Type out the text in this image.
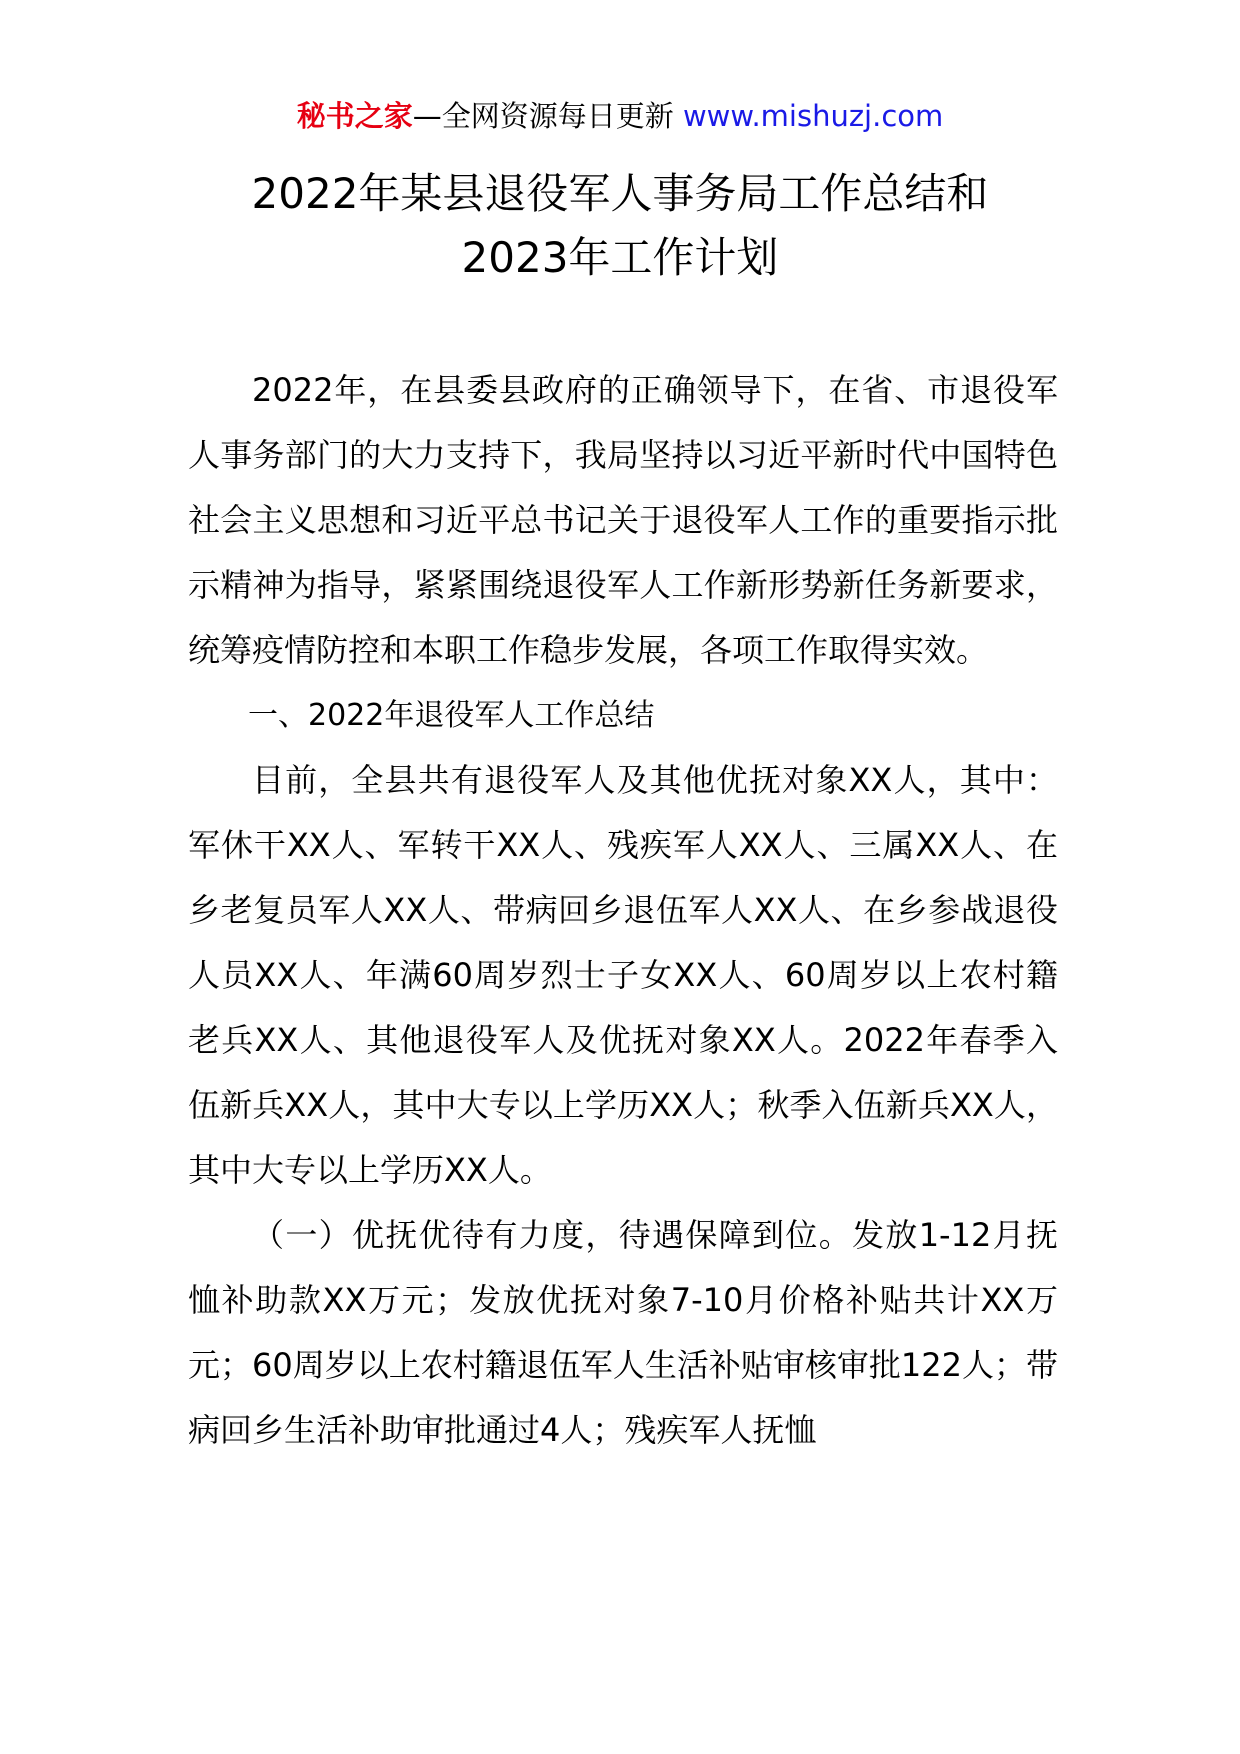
秘书之家—全网资源每日更新 www.mishuzj.com
2022年某县退役军人事务局工作总结和
2023年工作计划

2022年，在县委县政府的正确领导下，在省、市退役军人事务部门的大力支持下，我局坚持以习近平新时代中国特色社会主义思想和习近平总书记关于退役军人工作的重要指示批示精神为指导，紧紧围绕退役军人工作新形势新任务新要求，统筹疫情防控和本职工作稳步发展，各项工作取得实效。

一、2022年退役军人工作总结

目前，全县共有退役军人及其他优抚对象XX人，其中：军休干XX人、军转干XX人、残疾军人XX人、三属XX人、在乡老复员军人XX人、带病回乡退伍军人XX人、在乡参战退役人员XX人、年满60周岁烈士子女XX人、60周岁以上农村籍老兵XX人、其他退役军人及优抚对象XX人。2022年春季入伍新兵XX人，其中大专以上学历XX人；秋季入伍新兵XX人，其中大专以上学历XX人。

（一）优抚优待有力度，待遇保障到位。发放1-12月抚恤补助款XX万元；发放优抚对象7-10月价格补贴共计XX万元；60周岁以上农村籍退伍军人生活补贴审核审批122人；带病回乡生活补助审批通过4人；残疾军人抚恤
